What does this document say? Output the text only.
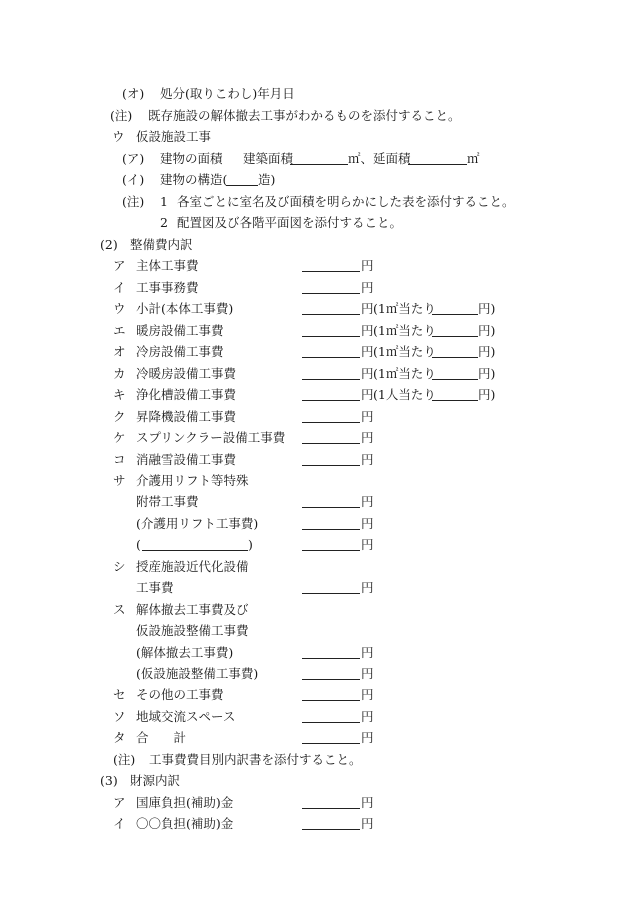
(オ) 処分(取りこわし)年月日
(注) 既存施設の解体撤去工事がわかるものを添付すること。
ウ 仮設施設工事
(ア) 建物の面積 建築面積	㎡、 延面積	㎡
(イ) 建物の構造( 造)
(注) 1 各室ごとに室名及び面積を明らかにした表を添付すること。
2 配置図及び各階平面図を添付すること。
(2) 整備費内訳
ア 主体工事費	円
イ 工事事務費	円
ウ 小計(本体工事費)	円 (1㎡当たり	円)
エ 暖房設備工事費	円 (1㎡当たり	円)
オ 冷房設備工事費	円 (1㎡当たり	円)
カ 冷暖房設備工事費	円 (1㎡当たり	円)
キ 浄化槽設備工事費	円 (1人当たり	円)
ク 昇降機設備工事費	円
ケ スプリンクラー設備工事費	円
コ 消融雪設備工事費	円
サ 介護用リフト等特殊
附帯工事費	円
(介護用リフト工事費)	円
(	)	円
シ 授産施設近代化設備
工事費	円
ス 解体撤去工事費及び
仮設施設整備工事費
(解体撤去工事費)	円
(仮設施設整備工事費)	円
セ その他の工事費	円
ソ 地域交流スペース	円
タ 合　　計	円
(注) 工事費費目別内訳書を添付すること。
(3) 財源内訳
ア 国庫負担(補助)金	円
イ 〇〇負担(補助)金	円
